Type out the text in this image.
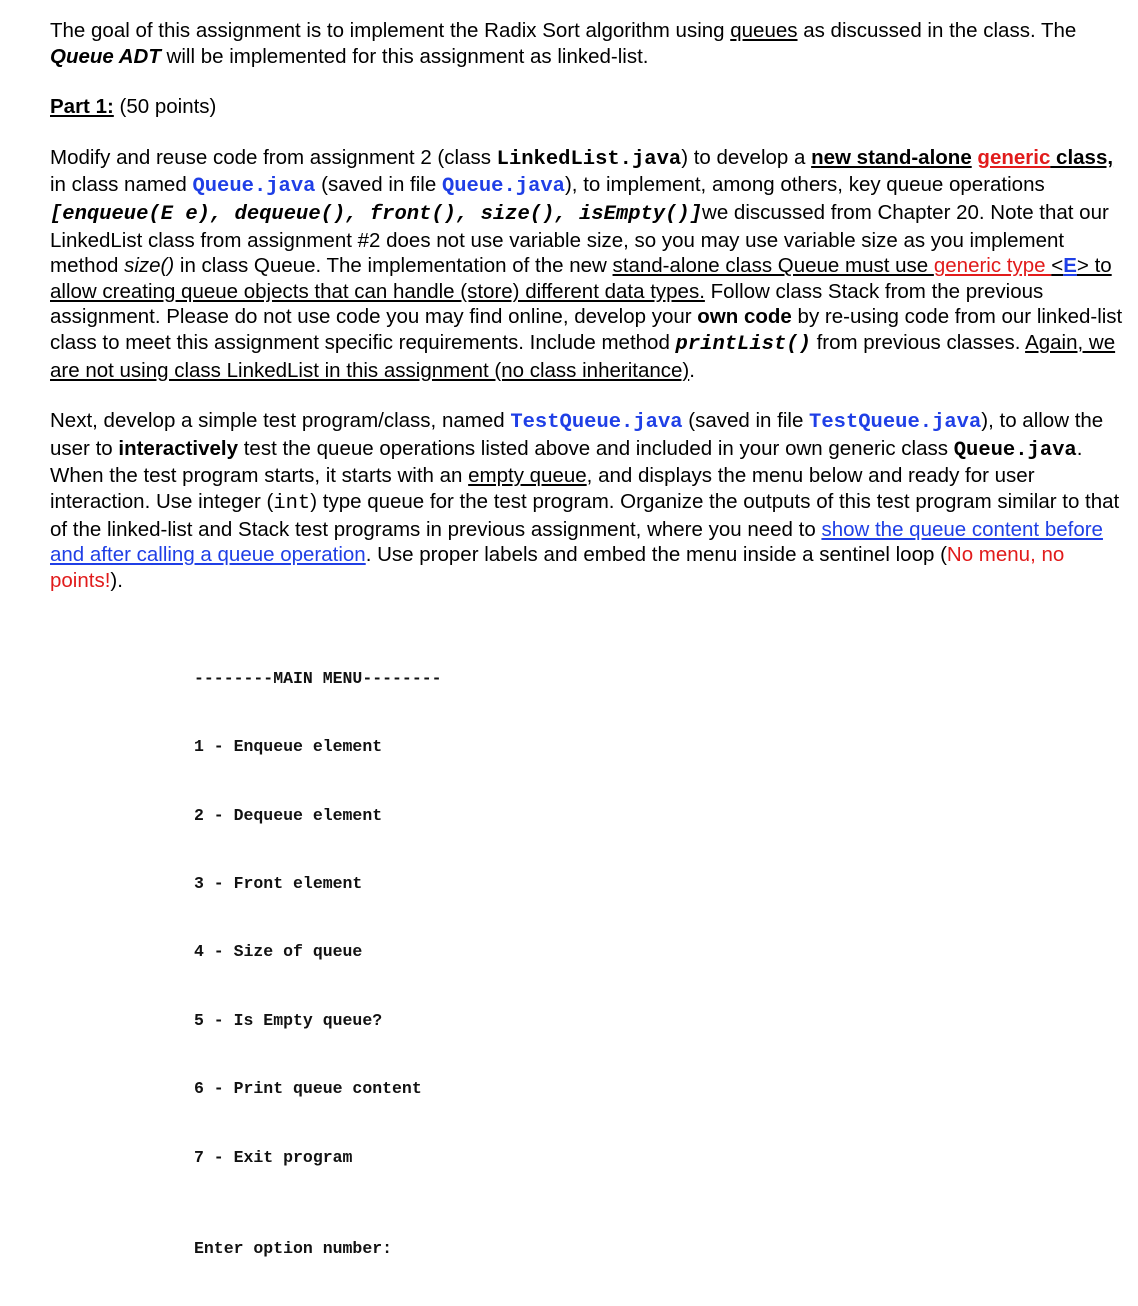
The goal of this assignment is to implement the Radix Sort algorithm using queues as discussed in the class. The Queue ADT will be implemented for this assignment as linked-list.

Part 1: (50 points)

Modify and reuse code from assignment 2 (class LinkedList.java) to develop a new stand-alone generic class, in class named Queue.java (saved in file Queue.java), to implement, among others, key queue operations [enqueue(E e), dequeue(), front(), size(), isEmpty()]we discussed from Chapter 20. Note that our LinkedList class from assignment #2 does not use variable size, so you may use variable size as you implement method size() in class Queue. The implementation of the new stand-alone class Queue must use generic type <E> to allow creating queue objects that can handle (store) different data types. Follow class Stack from the previous assignment. Please do not use code you may find online, develop your own code by re-using code from our linked-list class to meet this assignment specific requirements. Include method printList() from previous classes. Again, we are not using class LinkedList in this assignment (no class inheritance).

Next, develop a simple test program/class, named TestQueue.java (saved in file TestQueue.java), to allow the user to interactively test the queue operations listed above and included in your own generic class Queue.java. When the test program starts, it starts with an empty queue, and displays the menu below and ready for user interaction. Use integer (int) type queue for the test program. Organize the outputs of this test program similar to that of the linked-list and Stack test programs in previous assignment, where you need to show the queue content before and after calling a queue operation. Use proper labels and embed the menu inside a sentinel loop (No menu, no points!).

--------MAIN MENU--------

1 - Enqueue element

2 - Dequeue element

3 - Front element

4 - Size of queue

5 - Is Empty queue?

6 - Print queue content

7 - Exit program

Enter option number:
